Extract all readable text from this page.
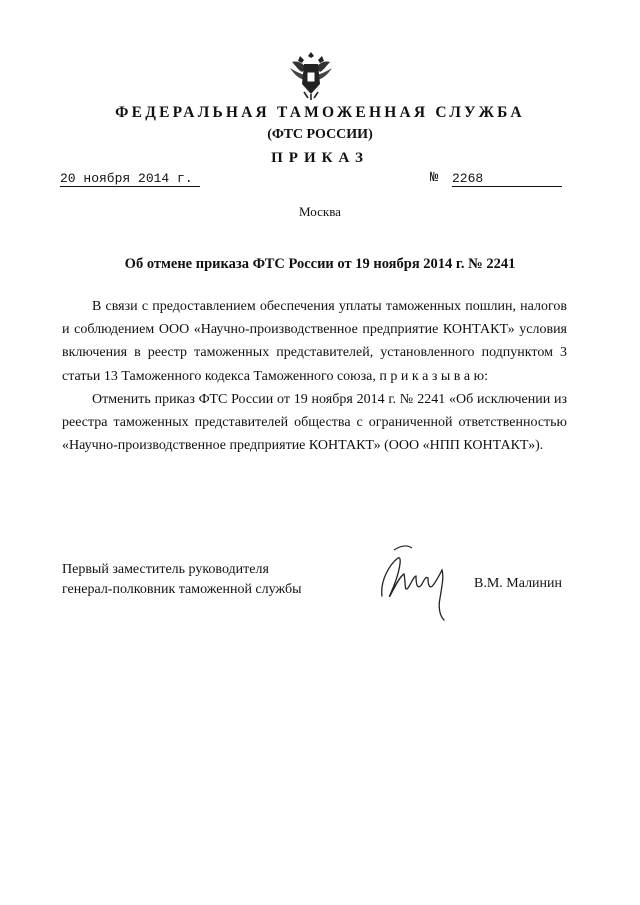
ФЕДЕРАЛЬНАЯ ТАМОЖЕННАЯ СЛУЖБА
(ФТС РОССИИ)
ПРИКАЗ
20 ноября 2014 г.	№ 2268
Москва
Об отмене приказа ФТС России от 19 ноября 2014 г. № 2241

В связи с предоставлением обеспечения уплаты таможенных пошлин, налогов и соблюдением ООО «Научно-производственное предприятие КОНТАКТ» условия включения в реестр таможенных представителей, установленного подпунктом 3 статьи 13 Таможенного кодекса Таможенного союза, п р и к а з ы в а ю:

Отменить приказ ФТС России от 19 ноября 2014 г. № 2241 «Об исключении из реестра таможенных представителей общества с ограниченной ответственностью «Научно-производственное предприятие КОНТАКТ» (ООО «НПП КОНТАКТ»).

Первый заместитель руководителя
генерал-полковник таможенной службы	В.М. Малинин
